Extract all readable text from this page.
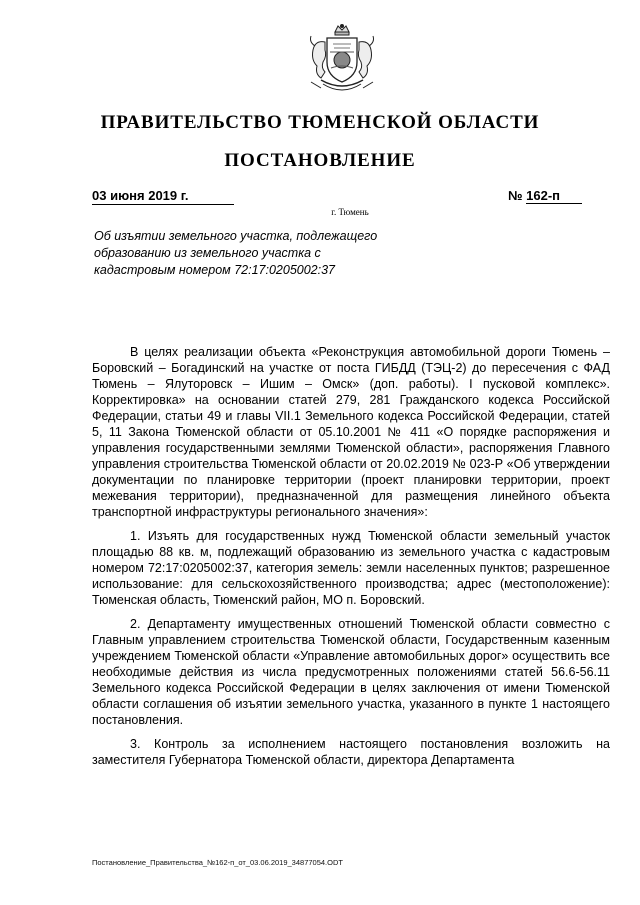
ПРАВИТЕЛЬСТВО ТЮМЕНСКОЙ ОБЛАСТИ
ПОСТАНОВЛЕНИЕ
03 июня 2019 г.	№ 162-п
г. Тюмень
Об изъятии земельного участка, подлежащего образованию из земельного участка с кадастровым номером 72:17:0205002:37

В целях реализации объекта «Реконструкция автомобильной дороги Тюмень – Боровский – Богадинский на участке от поста ГИБДД (ТЭЦ-2) до пересечения с ФАД Тюмень – Ялуторовск – Ишим – Омск» (доп. работы). I пусковой комплекс». Корректировка» на основании статей 279, 281 Гражданского кодекса Российской Федерации, статьи 49 и главы VII.1 Земельного кодекса Российской Федерации, статей 5, 11 Закона Тюменской области от 05.10.2001 № 411 «О порядке распоряжения и управления государственными землями Тюменской области», распоряжения Главного управления строительства Тюменской области от 20.02.2019 № 023-Р «Об утверждении документации по планировке территории (проект планировки территории, проект межевания территории), предназначенной для размещения линейного объекта транспортной инфраструктуры регионального значения»:

1. Изъять для государственных нужд Тюменской области земельный участок площадью 88 кв. м, подлежащий образованию из земельного участка с кадастровым номером 72:17:0205002:37, категория земель: земли населенных пунктов; разрешенное использование: для сельскохозяйственного производства; адрес (местоположение): Тюменская область, Тюменский район, МО п. Боровский.

2. Департаменту имущественных отношений Тюменской области совместно с Главным управлением строительства Тюменской области, Государственным казенным учреждением Тюменской области «Управление автомобильных дорог» осуществить все необходимые действия из числа предусмотренных положениями статей 56.6-56.11 Земельного кодекса Российской Федерации в целях заключения от имени Тюменской области соглашения об изъятии земельного участка, указанного в пункте 1 настоящего постановления.

3. Контроль за исполнением настоящего постановления возложить на заместителя Губернатора Тюменской области, директора Департамента

Постановление_Правительства_№162-п_от_03.06.2019_34877054.ODT
